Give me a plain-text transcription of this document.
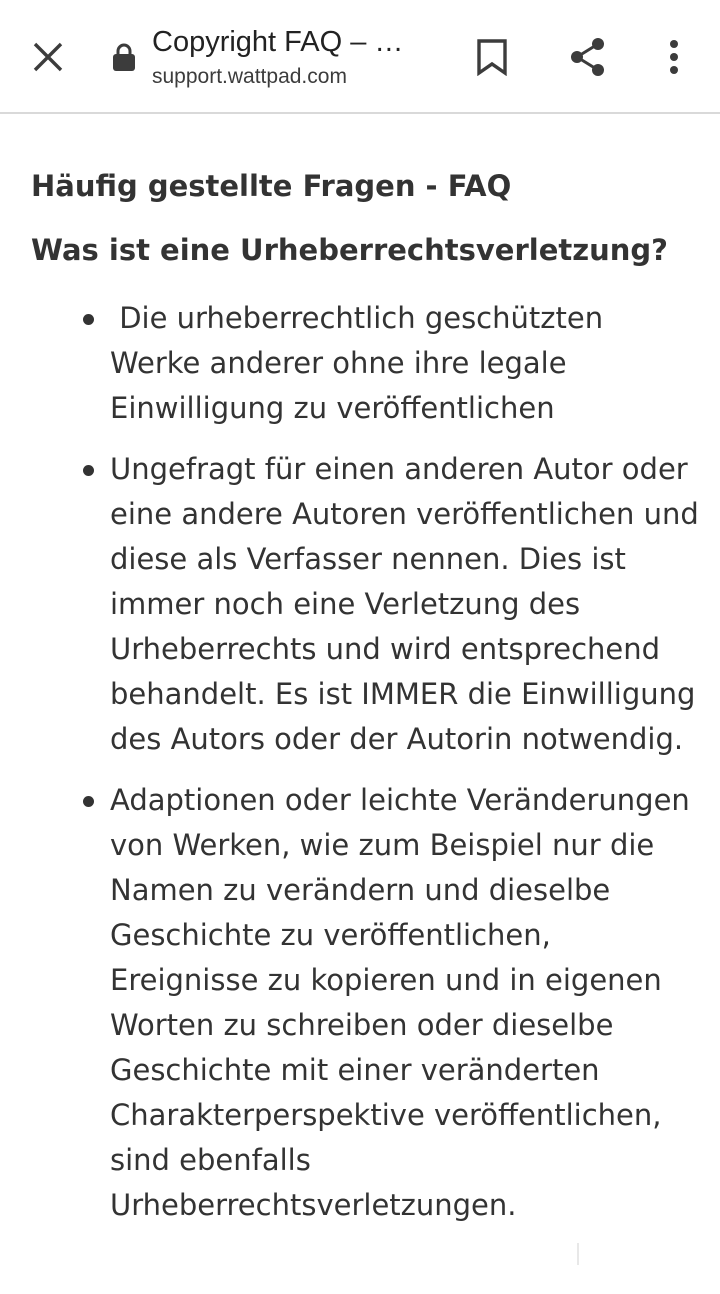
Copyright FAQ – …
support.wattpad.com
Häufig gestellte Fragen - FAQ
Was ist eine Urheberrechtsverletzung?
Die urheberrechtlich geschützten Werke anderer ohne ihre legale Einwilligung zu veröffentlichen
Ungefragt für einen anderen Autor oder eine andere Autoren veröffentlichen und diese als Verfasser nennen. Dies ist immer noch eine Verletzung des Urheberrechts und wird entsprechend behandelt. Es ist IMMER die Einwilligung des Autors oder der Autorin notwendig.
Adaptionen oder leichte Veränderungen von Werken, wie zum Beispiel nur die Namen zu verändern und dieselbe Geschichte zu veröffentlichen, Ereignisse zu kopieren und in eigenen Worten zu schreiben oder dieselbe Geschichte mit einer veränderten Charakterperspektive veröffentlichen, sind ebenfalls Urheberrechtsverletzungen.
